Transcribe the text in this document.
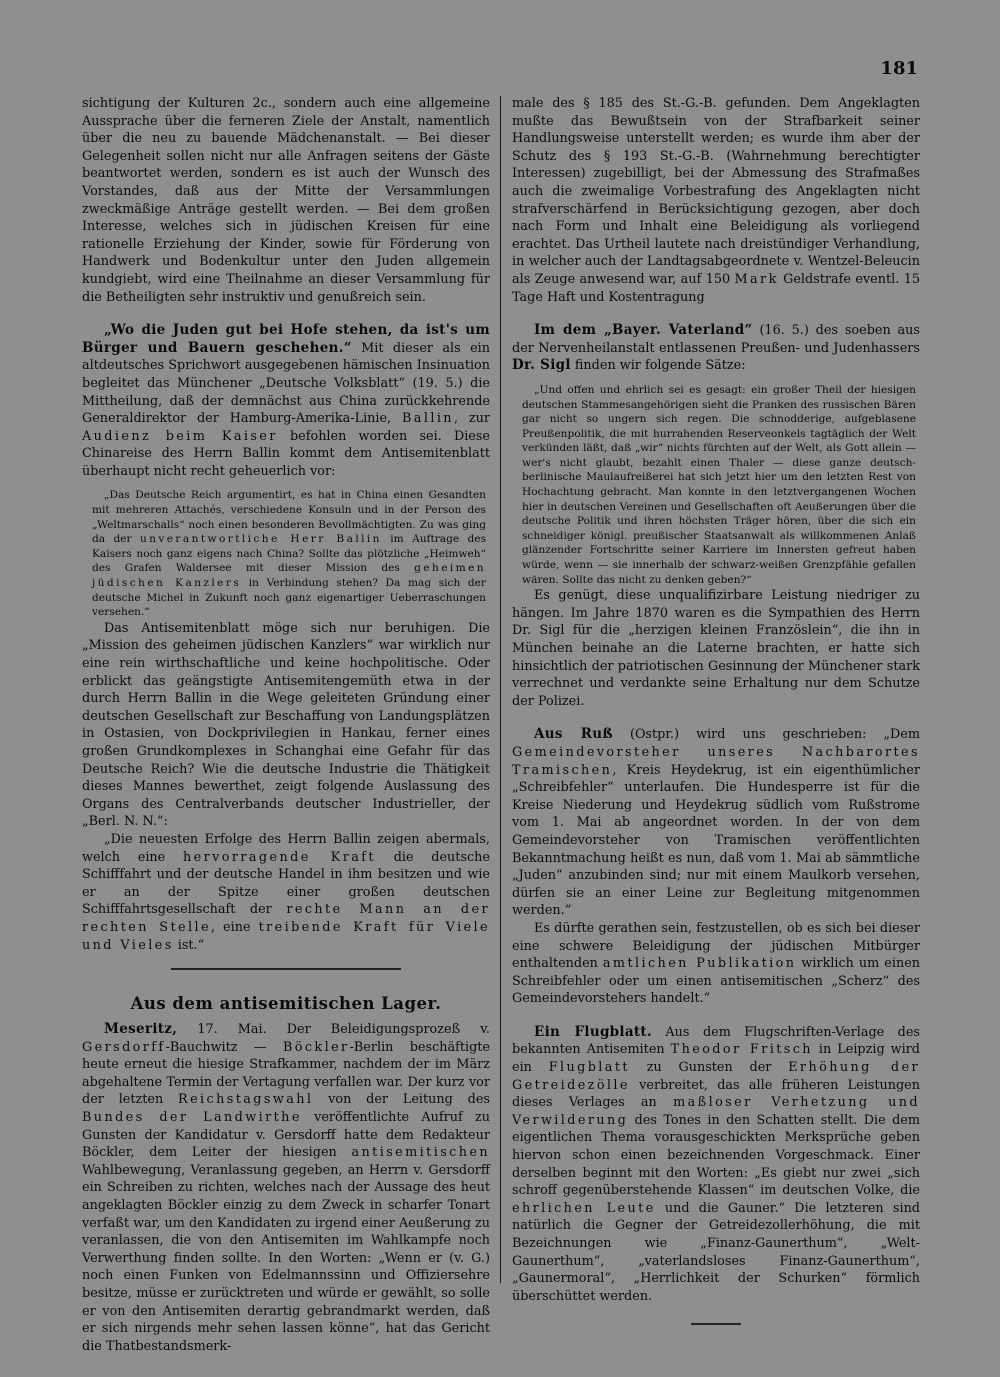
181

sichtigung der Kulturen 2c., sondern auch eine allgemeine Aussprache über die ferneren Ziele der Anstalt, namentlich über die neu zu bauende Mädchenanstalt. — Bei dieser Gelegenheit sollen nicht nur alle Anfragen seitens der Gäste beantwortet werden, sondern es ist auch der Wunsch des Vorstandes, daß aus der Mitte der Versammlungen zweckmäßige Anträge gestellt werden. — Bei dem großen Interesse, welches sich in jüdischen Kreisen für eine rationelle Erziehung der Kinder, sowie für Förderung von Handwerk und Bodenkultur unter den Juden allgemein kundgiebt, wird eine Theilnahme an dieser Versammlung für die Betheiligten sehr instruktiv und genußreich sein.

„Wo die Juden gut bei Hofe stehen, da ist's um Bürger und Bauern geschehen.“ Mit dieser als ein altdeutsches Sprichwort ausgegebenen hämischen Insinuation begleitet das Münchener „Deutsche Volksblatt“ (19. 5.) die Mittheilung, daß der demnächst aus China zurückkehrende Generaldirektor der Hamburg-Amerika-Linie, Ballin, zur Audienz beim Kaiser befohlen worden sei. Diese Chinareise des Herrn Ballin kommt dem Antisemitenblatt überhaupt nicht recht geheuerlich vor:

„Das Deutsche Reich argumentirt, es hat in China einen Gesandten mit mehreren Attachés, verschiedene Konsuln und in der Person des „Weltmarschalls“ noch einen besonderen Bevollmächtigten. Zu was ging da der unverantwortliche Herr Ballin im Auftrage des Kaisers noch ganz eigens nach China? Sollte das plötzliche „Heimweh“ des Grafen Waldersee mit dieser Mission des geheimen jüdischen Kanzlers in Verbindung stehen? Da mag sich der deutsche Michel in Zukunft noch ganz eigenartiger Ueberraschungen versehen.“

Das Antisemitenblatt möge sich nur beruhigen. Die „Mission des geheimen jüdischen Kanzlers“ war wirklich nur eine rein wirthschaftliche und keine hochpolitische. Oder erblickt das geängstigte Antisemitengemüth etwa in der durch Herrn Ballin in die Wege geleiteten Gründung einer deutschen Gesellschaft zur Beschaffung von Landungsplätzen in Ostasien, von Dockprivilegien in Hankau, ferner eines großen Grundkomplexes in Schanghai eine Gefahr für das Deutsche Reich? Wie die deutsche Industrie die Thätigkeit dieses Mannes bewerthet, zeigt folgende Auslassung des Organs des Centralverbands deutscher Industrieller, der „Berl. N. N.“:

„Die neuesten Erfolge des Herrn Ballin zeigen abermals, welch eine hervorragende Kraft die deutsche Schifffahrt und der deutsche Handel in ihm besitzen und wie er an der Spitze einer großen deutschen Schifffahrtsgesellschaft der rechte Mann an der rechten Stelle, eine treibende Kraft für Viele und Vieles ist.“

Aus dem antisemitischen Lager.

Meseritz, 17. Mai. Der Beleidigungsprozeß v. Gersdorff-Bauchwitz — Böckler-Berlin beschäftigte heute erneut die hiesige Strafkammer, nachdem der im März abgehaltene Termin der Vertagung verfallen war. Der kurz vor der letzten Reichstagswahl von der Leitung des Bundes der Landwirthe veröffentlichte Aufruf zu Gunsten der Kandidatur v. Gersdorff hatte dem Redakteur Böckler, dem Leiter der hiesigen antisemitischen Wahlbewegung, Veranlassung gegeben, an Herrn v. Gersdorff ein Schreiben zu richten, welches nach der Aussage des heut angeklagten Böckler einzig zu dem Zweck in scharfer Tonart verfaßt war, um den Kandidaten zu irgend einer Aeußerung zu veranlassen, die von den Antisemiten im Wahlkampfe noch Verwerthung finden sollte. In den Worten: „Wenn er (v. G.) noch einen Funken von Edelmannssinn und Offiziersehre besitze, müsse er zurücktreten und würde er gewählt, so solle er von den Antisemiten derartig gebrandmarkt werden, daß er sich nirgends mehr sehen lassen könne“, hat das Gericht die Thatbestandsmerk-

male des § 185 des St.-G.-B. gefunden. Dem Angeklagten mußte das Bewußtsein von der Strafbarkeit seiner Handlungsweise unterstellt werden; es wurde ihm aber der Schutz des § 193 St.-G.-B. (Wahrnehmung berechtigter Interessen) zugebilligt, bei der Abmessung des Strafmaßes auch die zweimalige Vorbestrafung des Angeklagten nicht strafverschärfend in Berücksichtigung gezogen, aber doch nach Form und Inhalt eine Beleidigung als vorliegend erachtet. Das Urtheil lautete nach dreistündiger Verhandlung, in welcher auch der Landtagsabgeordnete v. Wentzel-Beleucin als Zeuge anwesend war, auf 150 Mark Geldstrafe eventl. 15 Tage Haft und Kostentragung

Im dem „Bayer. Vaterland“ (16. 5.) des soeben aus der Nervenheilanstalt entlassenen Preußen- und Judenhassers Dr. Sigl finden wir folgende Sätze:

„Und offen und ehrlich sei es gesagt: ein großer Theil der hiesigen deutschen Stammesangehörigen sieht die Pranken des russischen Bären gar nicht so ungern sich regen. Die schnodderige, aufgeblasene Preußenpolitik, die mit hurrahenden Reserveonkels tagtäglich der Welt verkünden läßt, daß „wir“ nichts fürchten auf der Welt, als Gott allein — wer's nicht glaubt, bezahlt einen Thaler — diese ganze deutsch-berlinische Maulaufreißerei hat sich jetzt hier um den letzten Rest von Hochachtung gebracht. Man konnte in den letztvergangenen Wochen hier in deutschen Vereinen und Gesellschaften oft Aeußerungen über die deutsche Politik und ihren höchsten Träger hören, über die sich ein schneidiger königl. preußischer Staatsanwalt als willkommenen Anlaß glänzender Fortschritte seiner Karriere im Innersten gefreut haben würde, wenn — sie innerhalb der schwarz-weißen Grenzpfähle gefallen wären. Sollte das nicht zu denken geben?“

Es genügt, diese unqualifizirbare Leistung niedriger zu hängen. Im Jahre 1870 waren es die Sympathien des Herrn Dr. Sigl für die „herzigen kleinen Französlein“, die ihn in München beinahe an die Laterne brachten, er hatte sich hinsichtlich der patriotischen Gesinnung der Münchener stark verrechnet und verdankte seine Erhaltung nur dem Schutze der Polizei.

Aus Ruß (Ostpr.) wird uns geschrieben: „Dem Gemeindevorsteher unseres Nachbarortes Tramischen, Kreis Heydekrug, ist ein eigenthümlicher „Schreibfehler“ unterlaufen. Die Hundesperre ist für die Kreise Niederung und Heydekrug südlich vom Rußstrome vom 1. Mai ab angeordnet worden. In der von dem Gemeindevorsteher von Tramischen veröffentlichten Bekanntmachung heißt es nun, daß vom 1. Mai ab sämmtliche „Juden“ anzubinden sind; nur mit einem Maulkorb versehen, dürfen sie an einer Leine zur Begleitung mitgenommen werden.“

Es dürfte gerathen sein, festzustellen, ob es sich bei dieser eine schwere Beleidigung der jüdischen Mitbürger enthaltenden amtlichen Publikation wirklich um einen Schreibfehler oder um einen antisemitischen „Scherz“ des Gemeindevorstehers handelt.“

Ein Flugblatt. Aus dem Flugschriften-Verlage des bekannten Antisemiten Theodor Fritsch in Leipzig wird ein Flugblatt zu Gunsten der Erhöhung der Getreidezölle verbreitet, das alle früheren Leistungen dieses Verlages an maßloser Verhetzung und Verwilderung des Tones in den Schatten stellt. Die dem eigentlichen Thema vorausgeschickten Merksprüche geben hiervon schon einen bezeichnenden Vorgeschmack. Einer derselben beginnt mit den Worten: „Es giebt nur zwei „sich schroff gegenüberstehende Klassen“ im deutschen Volke, die ehrlichen Leute und die Gauner.“ Die letzteren sind natürlich die Gegner der Getreidezollerhöhung, die mit Bezeichnungen wie „Finanz-Gaunerthum“, „Welt-Gaunerthum“, „vaterlandsloses Finanz-Gaunerthum“, „Gaunermoral“, „Herrlichkeit der Schurken“ förmlich überschüttet werden.
